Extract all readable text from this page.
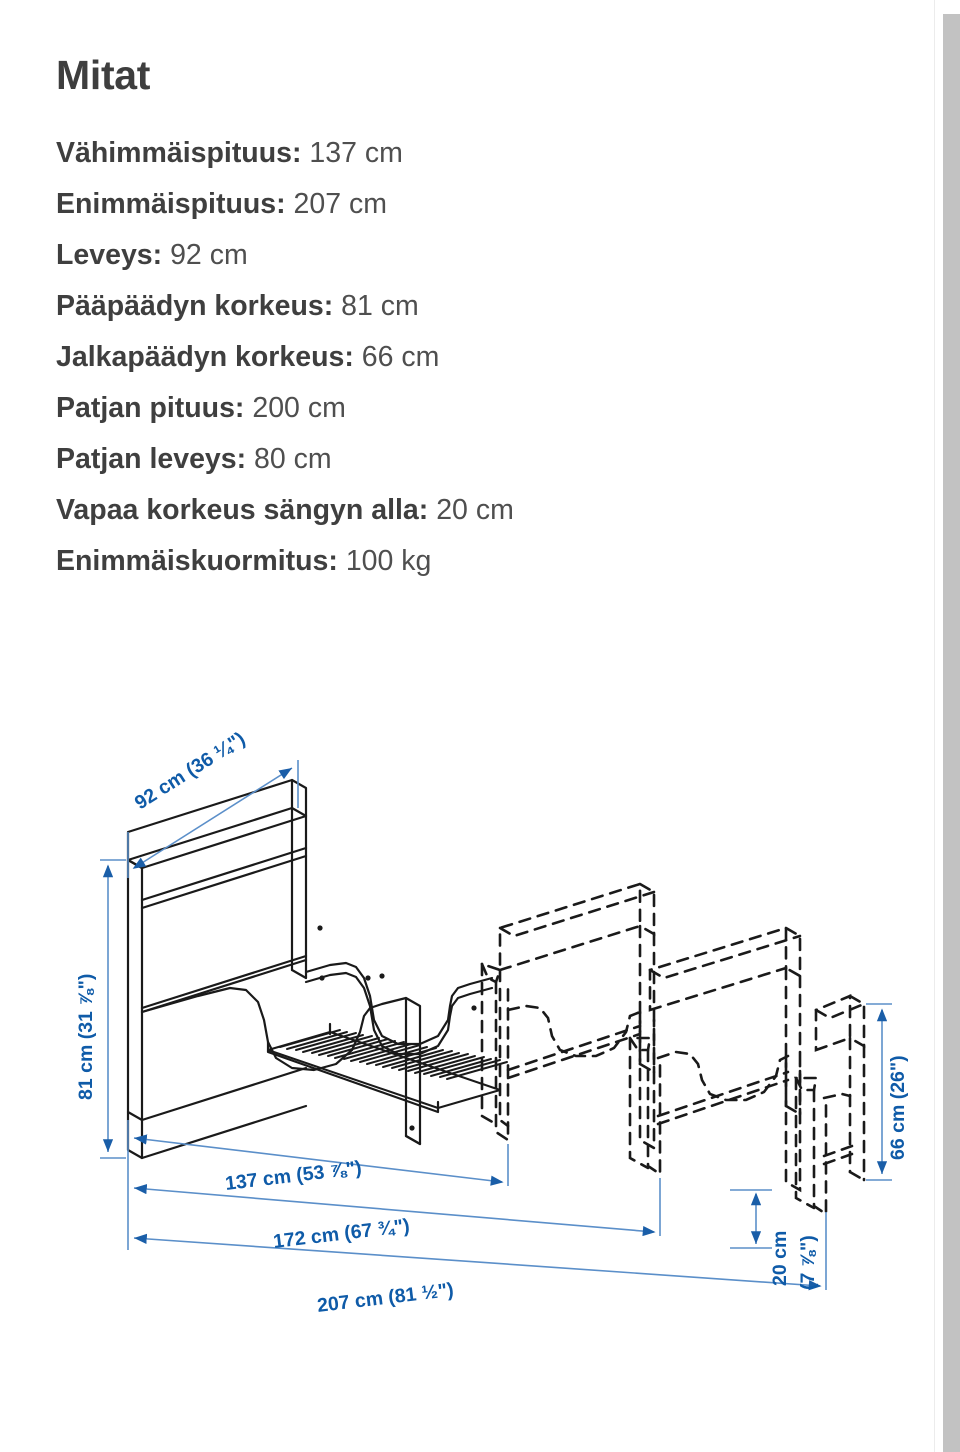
Mitat
Vähimmäispituus: 137 cm
Enimmäispituus: 207 cm
Leveys: 92 cm
Pääpäädyn korkeus: 81 cm
Jalkapäädyn korkeus: 66 cm
Patjan pituus: 200 cm
Patjan leveys: 80 cm
Vapaa korkeus sängyn alla: 20 cm
Enimmäiskuormitus: 100 kg
92 cm (36 ¼")
81 cm (31 ⅞")
66 cm (26")
20 cm (7 ⅞")
137 cm (53 ⅞")
172 cm (67 ¾")
207 cm (81 ½")
